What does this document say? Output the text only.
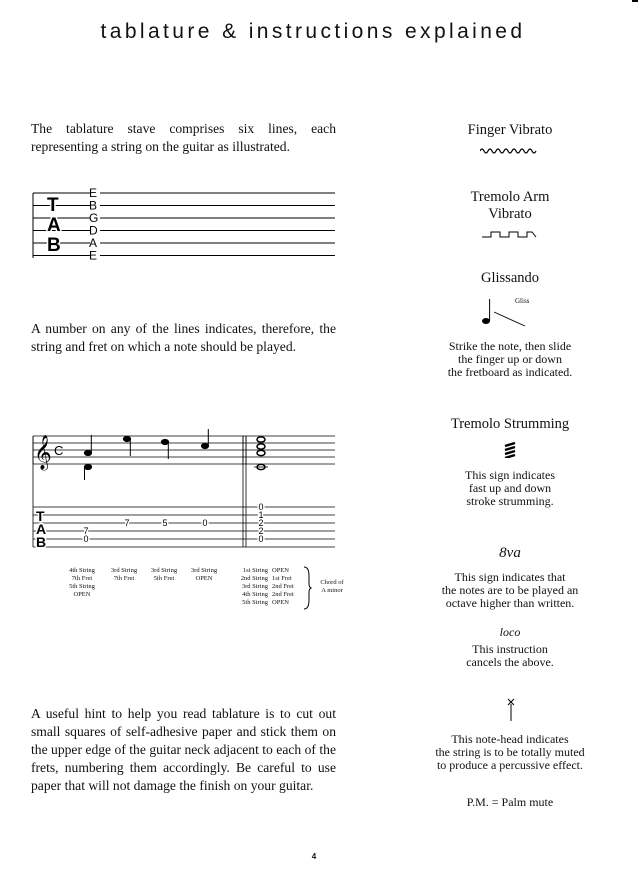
tablature & instructions explained
The tablature stave comprises six lines, each representing a string on the guitar as illustrated.
T
A
B
E
B
G
D
A
E
A number on any of the lines indicates, therefore, the string and fret on which a note should be played.
𝄞 C
T
A
B
7
0
7	5	0
0
1
2
2
0
4th String
7th Fret
5th String
OPEN
3rd String
7th Fret
3rd String
5th Fret
3rd String
OPEN
1st String
2nd String
3rd String
4th String
5th String
OPEN
1st Fret
2nd Fret
2nd Fret
OPEN
Chord of
A minor
A useful hint to help you read tablature is to cut out small squares of self-adhesive paper and stick them on the upper edge of the guitar neck adjacent to each of the frets, numbering them accordingly. Be careful to use paper that will not damage the finish on your guitar.
Finger Vibrato
Tremolo Arm
Vibrato
Glissando
Gliss
Strike the note, then slide
the finger up or down
the fretboard as indicated.
Tremolo Strumming
This sign indicates
fast up and down
stroke strumming.
8va
This sign indicates that
the notes are to be played an
octave higher than written.
loco
This instruction
cancels the above.
This note-head indicates
the string is to be totally muted
to produce a percussive effect.
P.M. = Palm mute
4
